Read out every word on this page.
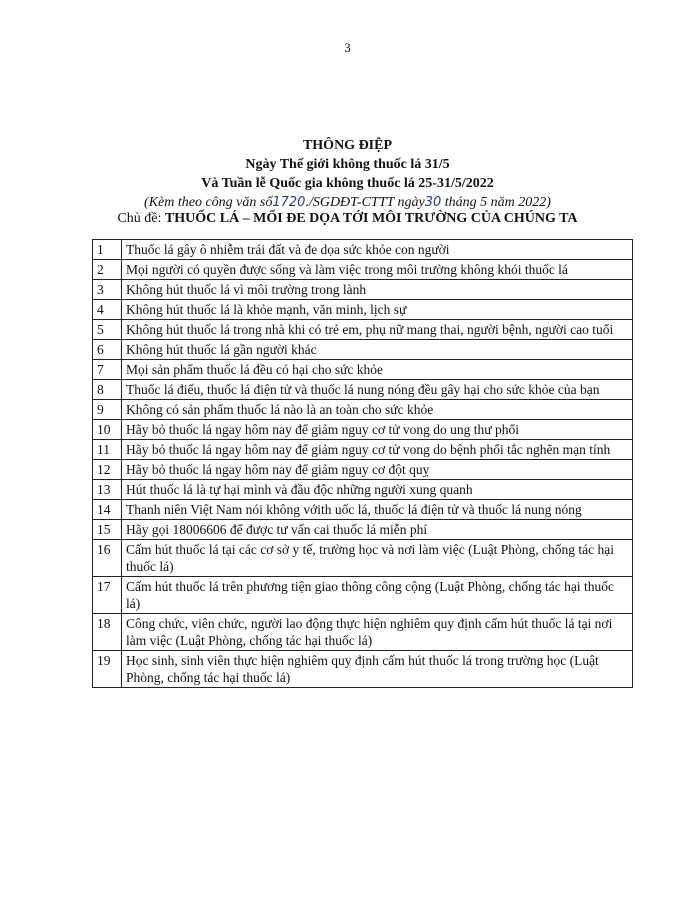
3
THÔNG ĐIỆP
Ngày Thế giới không thuốc lá 31/5
Và Tuần lễ Quốc gia không thuốc lá 25-31/5/2022
(Kèm theo công văn số1720./SGDĐT-CTTT ngày30 tháng 5 năm 2022)
Chủ đề: THUỐC LÁ – MỐI ĐE DỌA TỚI MÔI TRƯỜNG CỦA CHÚNG TA
1	Thuốc lá gây ô nhiễm trái đất và đe dọa sức khỏe con người
2	Mọi người có quyền được sống và làm việc trong môi trường không khói thuốc lá
3	Không hút thuốc lá vì môi trường trong lành
4	Không hút thuốc lá là khỏe mạnh, văn minh, lịch sự
5	Không hút thuốc lá trong nhà khi có trẻ em, phụ nữ mang thai, người bệnh, người cao tuổi
6	Không hút thuốc lá gần người khác
7	Mọi sản phẩm thuốc lá đều có hại cho sức khỏe
8	Thuốc lá điếu, thuốc lá điện tử và thuốc lá nung nóng đều gây hại cho sức khỏe của bạn
9	Không có sản phẩm thuốc lá nào là an toàn cho sức khỏe
10	Hãy bỏ thuốc lá ngay hôm nay để giảm nguy cơ tử vong do ung thư phổi
11	Hãy bỏ thuốc lá ngay hôm nay để giảm nguy cơ tử vong do bệnh phổi tắc nghẽn mạn tính
12	Hãy bỏ thuốc lá ngay hôm nay để giảm nguy cơ đột quỵ
13	Hút thuốc lá là tự hại mình và đầu độc những người xung quanh
14	Thanh niên Việt Nam nói không vớith uốc lá, thuốc lá điện tử và thuốc lá nung nóng
15	Hãy gọi 18006606 để được tư vấn cai thuốc lá miễn phí
16	Cấm hút thuốc lá tại các cơ sở y tế, trường học và nơi làm việc (Luật Phòng, chống tác hại thuốc lá)
17	Cấm hút thuốc lá trên phương tiện giao thông công cộng (Luật Phòng, chống tác hại thuốc lá)
18	Công chức, viên chức, người lao động thực hiện nghiêm quy định cấm hút thuốc lá tại nơi làm việc (Luật Phòng, chống tác hại thuốc lá)
19	Học sinh, sinh viên thực hiện nghiêm quy định cấm hút thuốc lá trong trường học (Luật Phòng, chống tác hại thuốc lá)
